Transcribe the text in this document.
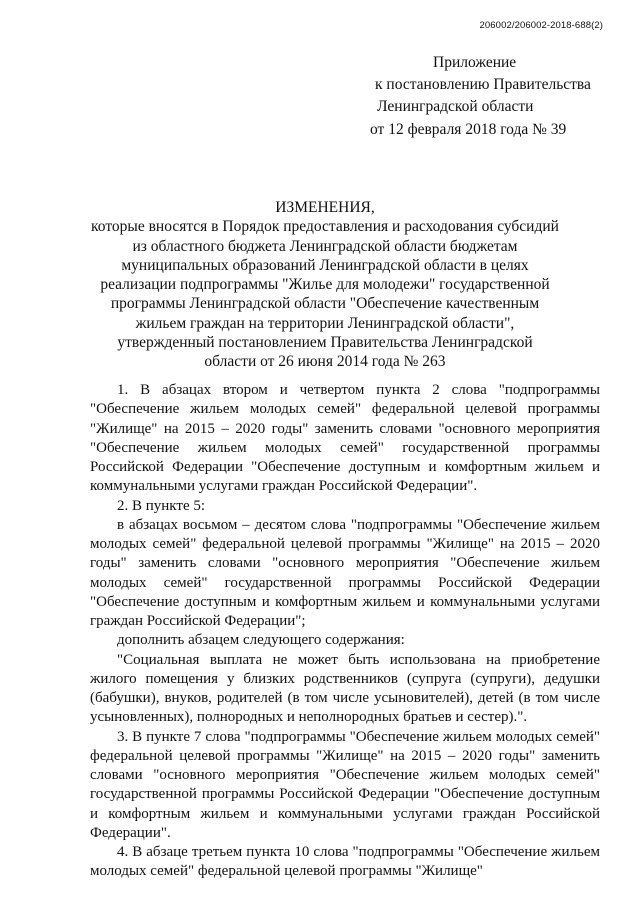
206002/206002-2018-688(2)
Приложение
к постановлению Правительства
Ленинградской области
от 12 февраля 2018 года № 39
ИЗМЕНЕНИЯ,
которые вносятся в Порядок предоставления и расходования субсидий из областного бюджета Ленинградской области бюджетам муниципальных образований Ленинградской области в целях реализации подпрограммы "Жилье для молодежи" государственной программы Ленинградской области "Обеспечение качественным жильем граждан на территории Ленинградской области", утвержденный постановлением Правительства Ленинградской области от 26 июня 2014 года № 263

1. В абзацах втором и четвертом пункта 2 слова "подпрограммы "Обеспечение жильем молодых семей" федеральной целевой программы "Жилище" на 2015 – 2020 годы" заменить словами "основного мероприятия "Обеспечение жильем молодых семей" государственной программы Российской Федерации "Обеспечение доступным и комфортным жильем и коммунальными услугами граждан Российской Федерации".

2. В пункте 5:

в абзацах восьмом – десятом слова "подпрограммы "Обеспечение жильем молодых семей" федеральной целевой программы "Жилище" на 2015 – 2020 годы" заменить словами "основного мероприятия "Обеспечение жильем молодых семей" государственной программы Российской Федерации "Обеспечение доступным и комфортным жильем и коммунальными услугами граждан Российской Федерации";

дополнить абзацем следующего содержания:

"Социальная выплата не может быть использована на приобретение жилого помещения у близких родственников (супруга (супруги), дедушки (бабушки), внуков, родителей (в том числе усыновителей), детей (в том числе усыновленных), полнородных и неполнородных братьев и сестер).".

3. В пункте 7 слова "подпрограммы "Обеспечение жильем молодых семей" федеральной целевой программы "Жилище" на 2015 – 2020 годы" заменить словами "основного мероприятия "Обеспечение жильем молодых семей" государственной программы Российской Федерации "Обеспечение доступным и комфортным жильем и коммунальными услугами граждан Российской Федерации".

4. В абзаце третьем пункта 10 слова "подпрограммы "Обеспечение жильем молодых семей" федеральной целевой программы "Жилище"
